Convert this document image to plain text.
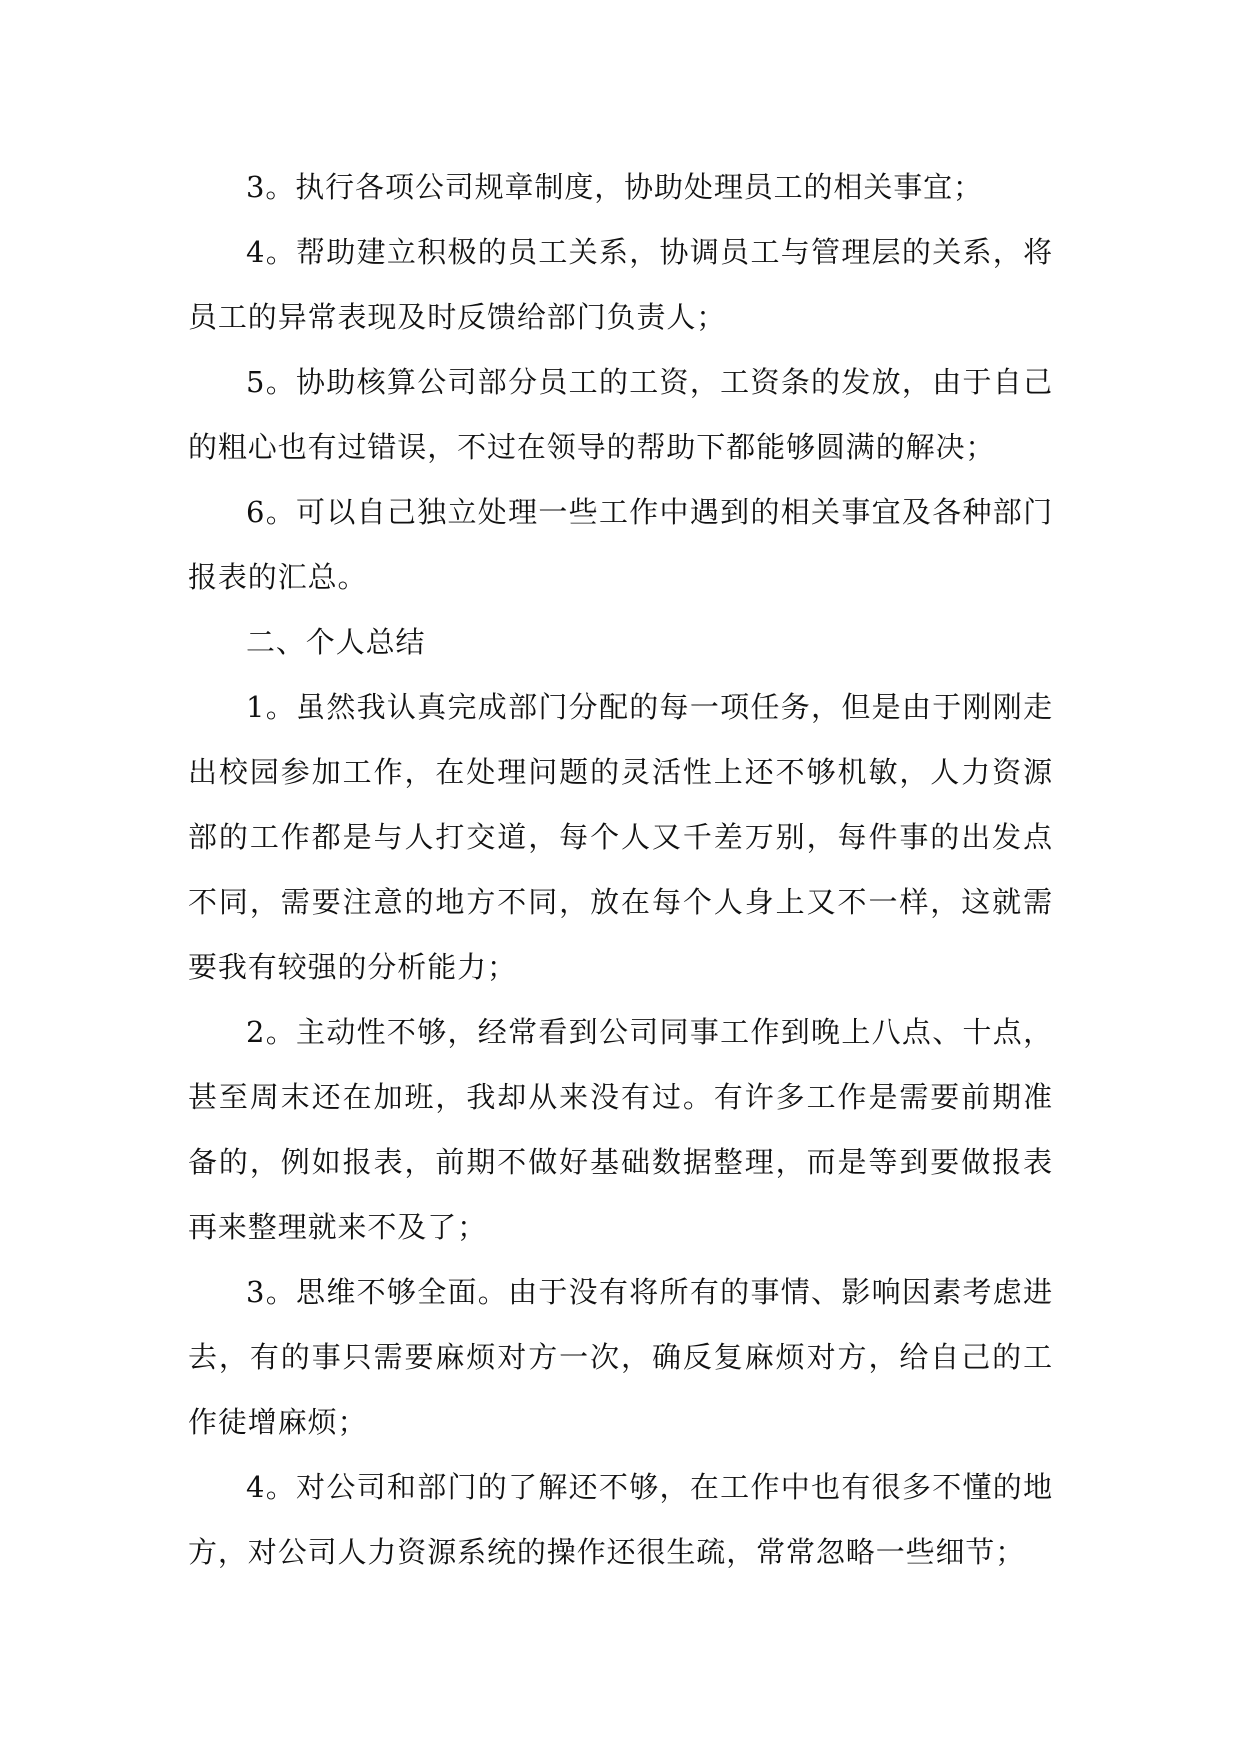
3。执行各项公司规章制度，协助处理员工的相关事宜；

4。帮助建立积极的员工关系，协调员工与管理层的关系，将员工的异常表现及时反馈给部门负责人；

5。协助核算公司部分员工的工资，工资条的发放，由于自己的粗心也有过错误，不过在领导的帮助下都能够圆满的解决；

6。可以自己独立处理一些工作中遇到的相关事宜及各种部门报表的汇总。

二、个人总结

1。虽然我认真完成部门分配的每一项任务，但是由于刚刚走出校园参加工作，在处理问题的灵活性上还不够机敏，人力资源部的工作都是与人打交道，每个人又千差万别，每件事的出发点不同，需要注意的地方不同，放在每个人身上又不一样，这就需要我有较强的分析能力；

2。主动性不够，经常看到公司同事工作到晚上八点、十点，甚至周末还在加班，我却从来没有过。有许多工作是需要前期准备的，例如报表，前期不做好基础数据整理，而是等到要做报表再来整理就来不及了；

3。思维不够全面。由于没有将所有的事情、影响因素考虑进去，有的事只需要麻烦对方一次，确反复麻烦对方，给自己的工作徒增麻烦；

4。对公司和部门的了解还不够，在工作中也有很多不懂的地方，对公司人力资源系统的操作还很生疏，常常忽略一些细节；
